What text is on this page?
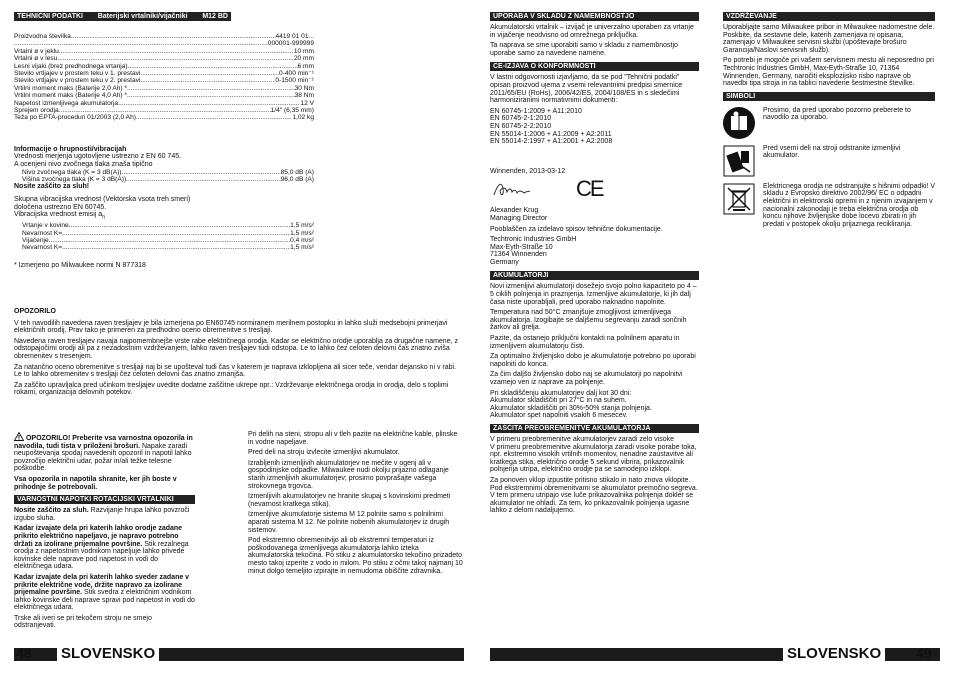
TEHNIČNI PODATKI Baterijski vrtalniki/vijačniki M12 BD
Proizvodna številka .....	4419 01 01...
.....
...000001-999999
Vrtalni ø v jeklu .....	10 mm
Vrtalni ø v lesu .....	20 mm
Lesni vijaki (brez predhodnega vrtanja) .....	6 mm
Število vrtljajev v prostem teku v 1. prestavi .....	0-400 min⁻¹
Število vrtljajev v prostem teku v 2. prestavi .....	0-1500 min⁻¹
Vrtilni moment maks (Baterije 2,0 Ah) * .....	30 Nm
Vrtilni moment maks (Baterije 4,0 Ah) * .....	38 Nm
Napetost izmenljivega akumulatorja .....	12 V
Sprejem orodja .....	1/4" (6,35 mm)
Teža po EPTA-proceduri 01/2003 (2,0 Ah) .....	1,02 kg
Informacije o hrupnosti/vibracijah
Vrednosti merjenja ugotovljene ustrezno z EN 60 745.
A ocenjeni nivo zvočnega tlaka znaša tipično
Nivo zvočnega tlaka (K = 3 dB(A)) .....	85,0 dB (A)
Višina zvočnega tlaka (K = 3 dB(A)) .....	96,0 dB (A)
Nosite zaščito za sluh!
Skupna vibracijska vrednost (Vektorska vsota treh smeri)
določena ustrezno EN 60745.
Vibracijska vrednost emisij $a_h$
Vrtanje v kovine .....	1,5 m/s²
Nevarnost K= .....	1,5 m/s²
Vijačenje .....	0,4 m/s²
Nevarnost K= .....	1,5 m/s²
* Izmerjeno po Milwaukee normi N 877318
OPOZORILO

V teh navodilih navedena raven tresljajev je bila izmerjena po EN60745 normiranem merilnem postopku in lahko služi medsebojni primerjavi električnih orodij. Prav tako je primeren za predhodno oceno obremenitve s tresljaji.

Navedena raven tresljajev navaja najpomembnejše vrste rabe električnega orodja. Kadar se električno orodje uporablja za drugačne namene, z odstopajočimi orodji ali pa z nezadostnim vzdrževanjem, lahko raven tresljajev tudi odstopa. Le to lahko čez celoten delovni čas znatno zviša obremenitev s tresenjem.

Za natančno oceno obremenitve s tresljaji naj bi se upošteval tudi čas v katerem je naprava izklopljena ali sicer teče, vendar dejansko ni v rabi. Le to lahko obremenitev s tresljaji čez celoten delovni čas znatno zmanjša.

Za zaščito upravljalca pred učinkom tresljajev uvedite dodatne zaščitne ukrepe npr.: Vzdrževanje električnega orodja in orodja, delo s toplimi rokami, organizacija delovnih potekov.

OPOZORILO! Preberite vsa varnostna opozorila in navodila, tudi tista v priloženi brošuri. Napake zaradi neupoštevanja spodaj navedenih opozoril in napotil lahko povzročijo električni udar, požar in/ali težke telesne poškodbe.

Vsa opozorila in napotila shranite, ker jih boste v prihodnje še potrebovali.

VARNOSTNI NAPOTKI ROTACIJSKI VRTALNIKI

Nosite zaščito za sluh. Razvijanje hrupa lahko povzroči izgubo sluha.

Kadar izvajate dela pri katerih lahko orodje zadane prikrito električno napeljavo, je napravo potrebno držati za izolirane prijemalne površine. Stik rezalnega orodja z napetostnim vodnikom napeljuje lahko privede kovinske dele naprave pod napetost in vodi do električnega udara.

Kadar izvajate dela pri katerih lahko sveder zadane v prikrite električne vode, držite napravo za izolirane prijemalne površine. Stik svedra z električnim vodnikom lahko kovinske deli naprave spravi pod napetost in vodi do električnega udara.

Trske ali iveri se pri tekočem stroju ne smejo odstranjevati.

Pri delih na steni, stropu ali v tleh pazite na električne kable, plinske in vodne napeljave.

Pred deli na stroju izvlecite izmenljivi akumulator.

Izrabljenih izmenljivih akumulatorjev ne mečite v ogenj ali v gospodinjske odpadke. Milwaukee nudi okolju prijazno odlaganje starih izmenljivih akumulatorjev; prosimo povprašajte vašega strokovnega trgovca.

Izmenljivih akumulatorjev ne hranite skupaj s kovinskimi predmeti (nevarnost kratkega stika).

Izmenljive akumulatorje sistema M 12 polnite samo s polnilnimi aparati sistema M 12. Ne polnite nobenih akumulatorjev iz drugih sistemov.

Pod ekstremno obremenitvijo ali ob ekstremni temperaturi iz poškodovanega izmenljivega akumulatorja lahko izteka akumulatorska tekočina. Po stiku z akumulatorsko tekočino prizadeto mesto takoj izperite z vodo in milom. Po stiku z očmi takoj najmanj 10 minut dolgo temeljito izpirajte in nemudoma obiščite zdravnika.

48 SLOVENSKO
UPORABA V SKLADU Z NAMEMBNOSTJO

Akumulatorski vrtalnik – izvijač je univerzalno uporaben za vrtanje in vijačenje neodvisno od omrežnega priključka.

Ta naprava se sme uporabiti samo v skladu z namembnostjo uporabe samo za navedene namene.

CE-IZJAVA O KONFORMNOSTI

V lastni odgovornosti izjavljamo, da se pod "Tehnični podatki" opisan proizvod ujema z vsemi relevantnimi predpisi smernice 2011/65/EU (RoHs), 2006/42/ES, 2004/108/ES in s sledečimi harmoniziranimi normativnimi dokumenti:

EN 60745-1:2009 + A11:2010
EN 60745-2-1:2010
EN 60745-2-2:2010
EN 55014-1:2006 + A1:2009 + A2:2011
EN 55014-2:1997 + A1:2001 + A2:2008
Winnenden, 2013-03-12
CE
Alexander Krug
Managing Director
Pooblaščen za izdelavo spisov tehnične dokumentacije.
Techtronic Industries GmbH
Max-Eyth-Straße 10
71364 Winnenden
Germany
AKUMULATORJI

Novi izmenljivi akumulatorji dosežejo svojo polno kapaciteto po 4 – 5 ciklih polnjenja in praznjenja. Izmenljive akumulatorje, ki jih dalj časa niste uporabljali, pred uporabo naknadno napolnite.

Temperatura nad 50°C zmanjšuje zmogljivost izmenljivega akumulatorja. Izogibajte se daljšemu segrevanju zaradi sončnih žarkov ali grelja.

Pazite, da ostanejo priključni kontakti na polnilnem aparatu in izmenljivem akumulatorju čisti.

Za optimalno življenjsko dobo je akumulatorje potrebno po uporabi napolniti do konca.

Za čim daljšo življensko dobo naj se akumulatorji po napolnitvi vzamejo ven iz naprave za polnjenje.

Pri skladiščenju akumulatorjev dalj kot 30 dni:
Akumulator skladiščiti pri 27°C in na suhem.
Akumulator skladiščiti pri 30%-50% stanja polnjenja.
Akumulator spet napolniti vsakih 6 mesecev.

ZAŠČITA PREOBREMENITVE AKUMULATORJA

V primeru preobremenitve akumulatorjev zaradi zelo visoke
V primeru preobremenitve akumulatorja zaradi visoke porabe toka, npr. ekstremno visokih vrtilnih momentov, nenadne zaustavitve ali kratkega stika, električno orodje 5 sekund vibrira, prikazovalnik polnjenja utripa, električno orodje pa se samodejno izklopi.

Za ponoven vklop izpustite pritisno stikalo in nato znova vklopite.
Pod ekstremnimi obremenitvami se akumulator premočno segreva. V tem primeru utripajo vse luče prikazovalnika polnjenja dokler se akumulator ne ohladi. Za tem, ko prikazovalnik polnjenja ugasne lahko z delom nadaljujemo.

VZDRŽEVANJE

Uporabljajte samo Milwaukee pribor in Milwaukee nadomestne dele. Poskbite, da sestavne dele, katerih zamenjava ni opisana, zamenjajo v Milwaukee servisni službi (upoštevajte brošuro Garancija/Naslovi servisnih služb).

Po potrebi je mogoče pri vašem servisnem mestu ali neposredno pri Techtronic Industries GmbH, Max-Eyth-Straße 10, 71364 Winnenden, Germany, naročiti eksplozijsko risbo naprave ob navedbi tipa stroja in na tablici navedene šestmestne številke.

SIMBOLI
Prosimo, da pred uporabo pozorno preberete to navodilo za uporabo.
Pred vsemi deli na stroji odstranite izmenljivi akumulator.
Elektricnega orodja ne odstranjujte s hišnimi odpadki! V skladu z Evropsko direktivo 2002/96/ EC o odpadni električni in elektronski opremi in z njenim izvajanjem v nacionalni zakonodaji je treba električna orodja ob koncu njihove življenjske dobe locevo zbirati in jih predati v postopek okolju prijaznega recikliranja.
SLOVENSKO 49
